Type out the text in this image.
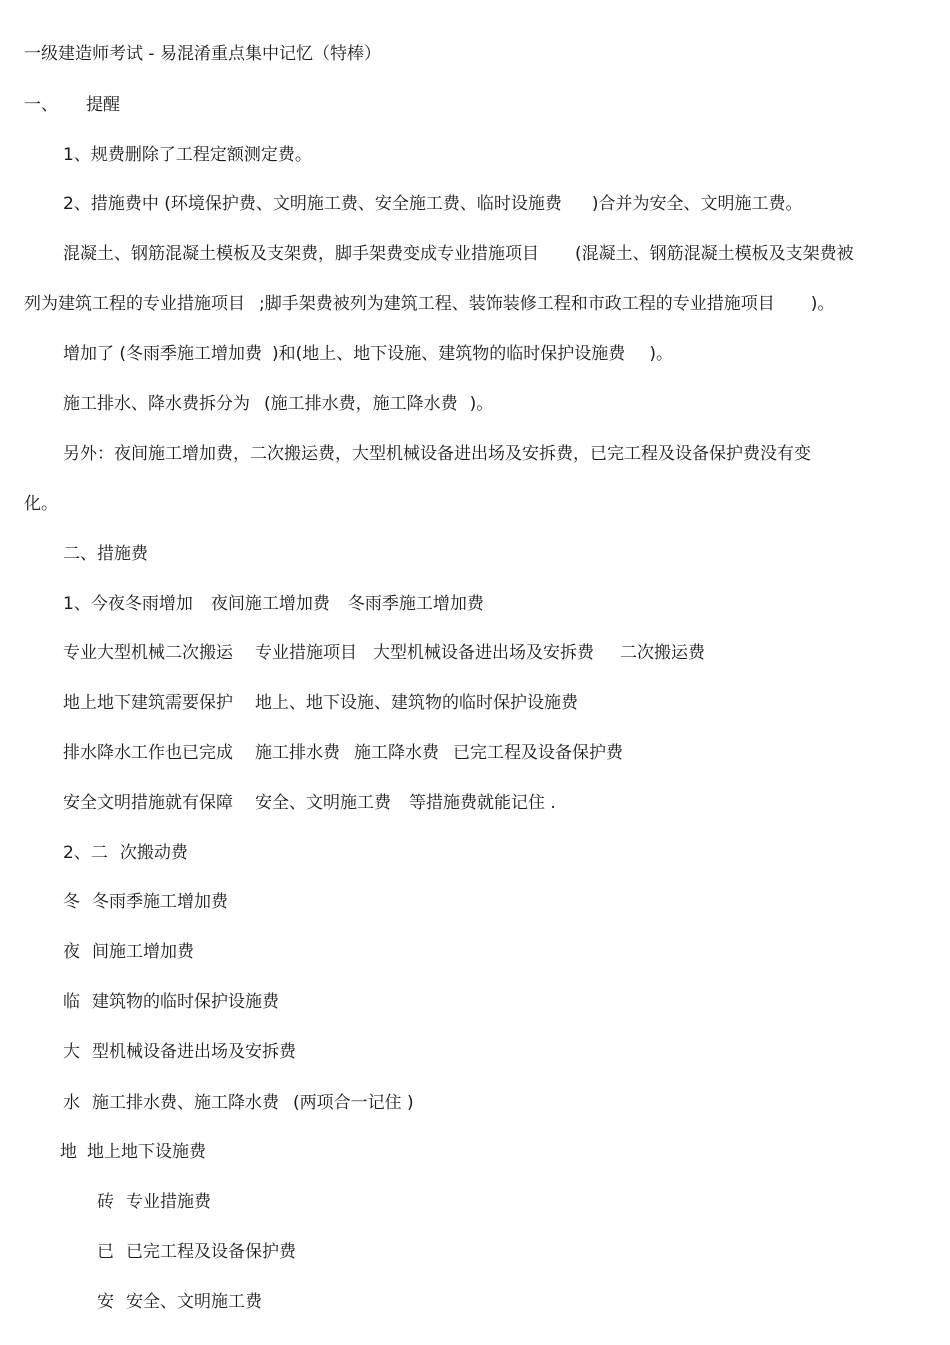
一级建造师考试 - 易混淆重点集中记忆（特棒）
一、 提醒
1、规费删除了工程定额测定费。
2、措施费中 (环境保护费、文明施工费、安全施工费、临时设施费 )合并为安全、文明施工费。
混凝土、钢筋混凝土模板及支架费，脚手架费变成专业措施项目 (混凝土、钢筋混凝土模板及支架费被
列为建筑工程的专业措施项目 ;脚手架费被列为建筑工程、装饰装修工程和市政工程的专业措施项目 )。
增加了 (冬雨季施工增加费 )和(地上、地下设施、建筑物的临时保护设施费 )。
施工排水、降水费拆分为 (施工排水费，施工降水费 )。
另外：夜间施工增加费，二次搬运费，大型机械设备进出场及安拆费，已完工程及设备保护费没有变
化。
二、措施费
1、今夜冬雨增加 夜间施工增加费 冬雨季施工增加费
专业大型机械二次搬运 专业措施项目 大型机械设备进出场及安拆费 二次搬运费
地上地下建筑需要保护 地上、地下设施、建筑物的临时保护设施费
排水降水工作也已完成 施工排水费 施工降水费 已完工程及设备保护费
安全文明措施就有保障 安全、文明施工费 等措施费就能记住 .
2、二 次搬动费
冬 冬雨季施工增加费
夜 间施工增加费
临 建筑物的临时保护设施费
大 型机械设备进出场及安拆费
水 施工排水费、施工降水费 (两项合一记住 )
地 地上地下设施费
砖 专业措施费
已 已完工程及设备保护费
安 安全、文明施工费
